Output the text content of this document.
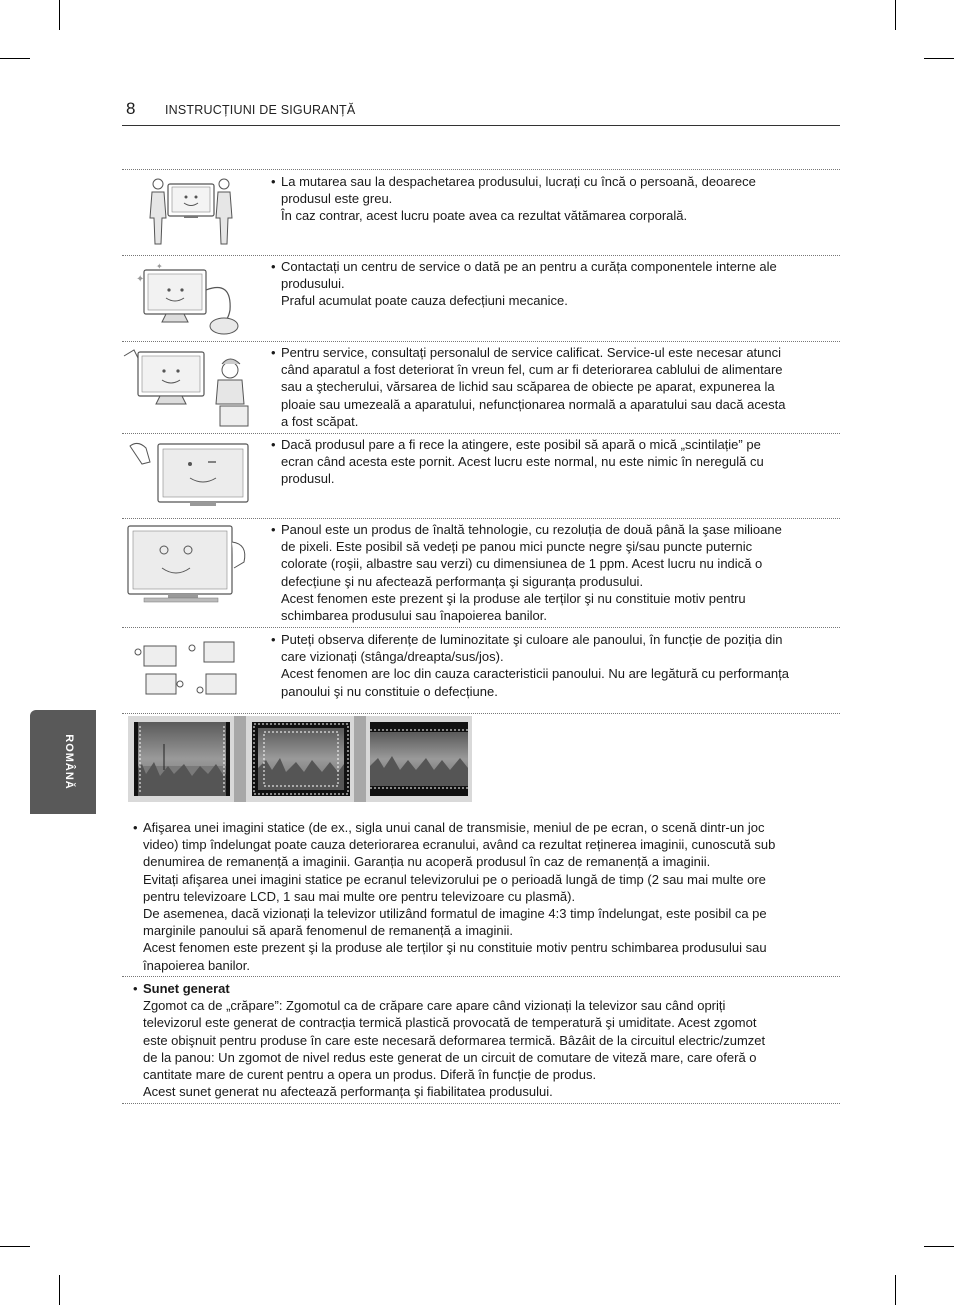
8 INSTRUCȚIUNI DE SIGURANȚĂ
ROMÂNĂ
✦
✦
• La mutarea sau la despachetarea produsului, lucrați cu încă o persoană, deoarece

produsul este greu.

În caz contrar, acest lucru poate avea ca rezultat vătămarea corporală.

• Contactați un centru de service o dată pe an pentru a curăța componentele interne ale

produsului.

Praful acumulat poate cauza defecțiuni mecanice.

• Pentru service, consultați personalul de service calificat. Service-ul este necesar atunci

când aparatul a fost deteriorat în vreun fel, cum ar fi deteriorarea cablului de alimentare

sau a ştecherului, vărsarea de lichid sau scăparea de obiecte pe aparat, expunerea la

ploaie sau umezeală a aparatului, nefuncționarea normală a aparatului sau dacă acesta

a fost scăpat.

• Dacă produsul pare a fi rece la atingere, este posibil să apară o mică „scintilație” pe

ecran când acesta este pornit. Acest lucru este normal, nu este nimic în neregulă cu

produsul.

• Panoul este un produs de înaltă tehnologie, cu rezoluția de două până la şase milioane

de pixeli. Este posibil să vedeți pe panou mici puncte negre şi/sau puncte puternic

colorate (roşii, albastre sau verzi) cu dimensiunea de 1 ppm. Acest lucru nu indică o

defecțiune şi nu afectează performanța şi siguranța produsului.

Acest fenomen este prezent şi la produse ale terților şi nu constituie motiv pentru

schimbarea produsului sau înapoierea banilor.

• Puteți observa diferențe de luminozitate şi culoare ale panoului, în funcție de poziția din

care vizionați (stânga/dreapta/sus/jos).

Acest fenomen are loc din cauza caracteristicii panoului. Nu are legătură cu performanța

panoului şi nu constituie o defecțiune.

• Afişarea unei imagini statice (de ex., sigla unui canal de transmisie, meniul de pe ecran, o scenă dintr-un joc

video) timp îndelungat poate cauza deteriorarea ecranului, având ca rezultat reținerea imaginii, cunoscută sub

denumirea de remanență a imaginii. Garanția nu acoperă produsul în caz de remanență a imaginii.

Evitați afişarea unei imagini statice pe ecranul televizorului pe o perioadă lungă de timp (2 sau mai multe ore

pentru televizoare LCD, 1 sau mai multe ore pentru televizoare cu plasmă).

De asemenea, dacă vizionați la televizor utilizând formatul de imagine 4:3 timp îndelungat, este posibil ca pe

marginile panoului să apară fenomenul de remanență a imaginii.

Acest fenomen este prezent şi la produse ale terților şi nu constituie motiv pentru schimbarea produsului sau

înapoierea banilor.

• Sunet generat

Zgomot ca de „crăpare”: Zgomotul ca de crăpare care apare când vizionați la televizor sau când opriți

televizorul este generat de contracția termică plastică provocată de temperatură şi umiditate. Acest zgomot

este obişnuit pentru produse în care este necesară deformarea termică. Bâzâit de la circuitul electric/zumzet

de la panou: Un zgomot de nivel redus este generat de un circuit de comutare de viteză mare, care oferă o

cantitate mare de curent pentru a opera un produs. Diferă în funcție de produs.

Acest sunet generat nu afectează performanța şi fiabilitatea produsului.
